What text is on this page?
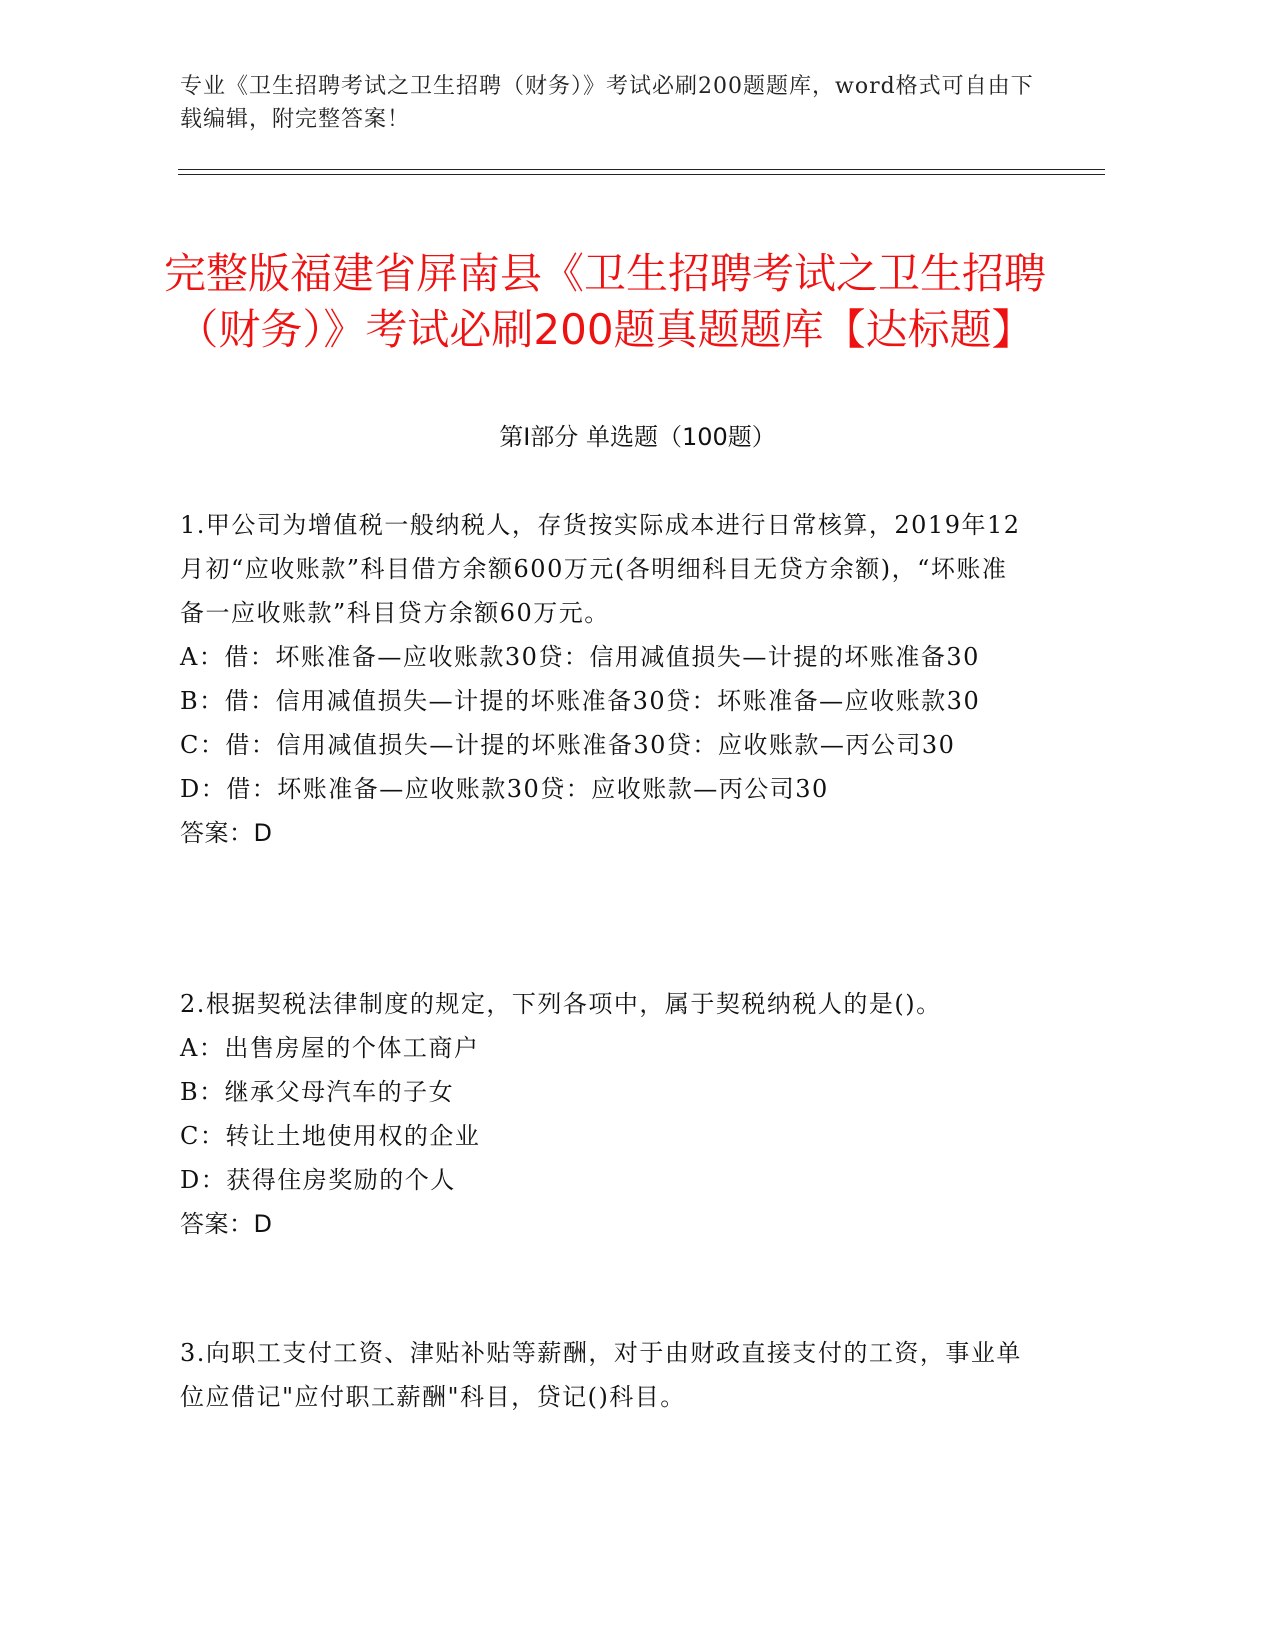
专业《卫生招聘考试之卫生招聘（财务）》考试必刷200题题库，word格式可自由下载编辑，附完整答案！
完整版福建省屏南县《卫生招聘考试之卫生招聘（财务）》考试必刷200题真题题库【达标题】
第I部分 单选题（100题）

1.甲公司为增值税一般纳税人，存货按实际成本进行日常核算，2019年12月初“应收账款”科目借方余额600万元(各明细科目无贷方余额)，“坏账准备一应收账款”科目贷方余额60万元。

A：借：坏账准备—应收账款30贷：信用减值损失—计提的坏账准备30

B：借：信用减值损失—计提的坏账准备30贷：坏账准备—应收账款30

C：借：信用减值损失—计提的坏账准备30贷：应收账款—丙公司30

D：借：坏账准备—应收账款30贷：应收账款—丙公司30

答案：D

2.根据契税法律制度的规定，下列各项中，属于契税纳税人的是()。

A：出售房屋的个体工商户

B：继承父母汽车的子女

C：转让土地使用权的企业

D：获得住房奖励的个人

答案：D

3.向职工支付工资、津贴补贴等薪酬，对于由财政直接支付的工资，事业单位应借记"应付职工薪酬"科目，贷记()科目。
